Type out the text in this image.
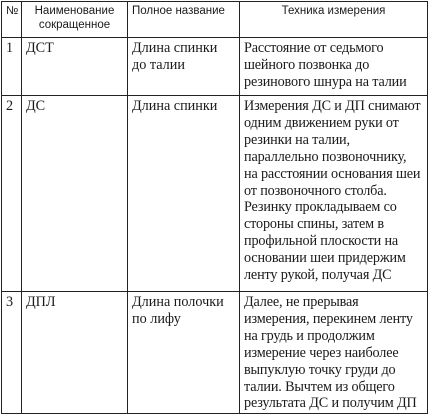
№	Наименование сокращенное	Полное название	Техника измерения
1	ДСТ	Длина спинки до талии	Расстояние от седьмого шейного позвонка до резинового шнура на талии
2	ДС	Длина спинки	Измерения ДС и ДП снимают одним движением руки от резинки на талии, параллельно позвоночнику, на расстоянии основания шеи от позвоночного столба. Резинку прокладываем со стороны спины, затем в профильной плоскости на основании шеи придержим ленту рукой, получая ДС
3	ДПЛ	Длина полочки по лифу	Далее, не прерывая измерения, перекинем ленту на грудь и продолжим измерение через наиболее выпуклую точку груди до талии. Вычтем из общего результата ДС и получим ДП
